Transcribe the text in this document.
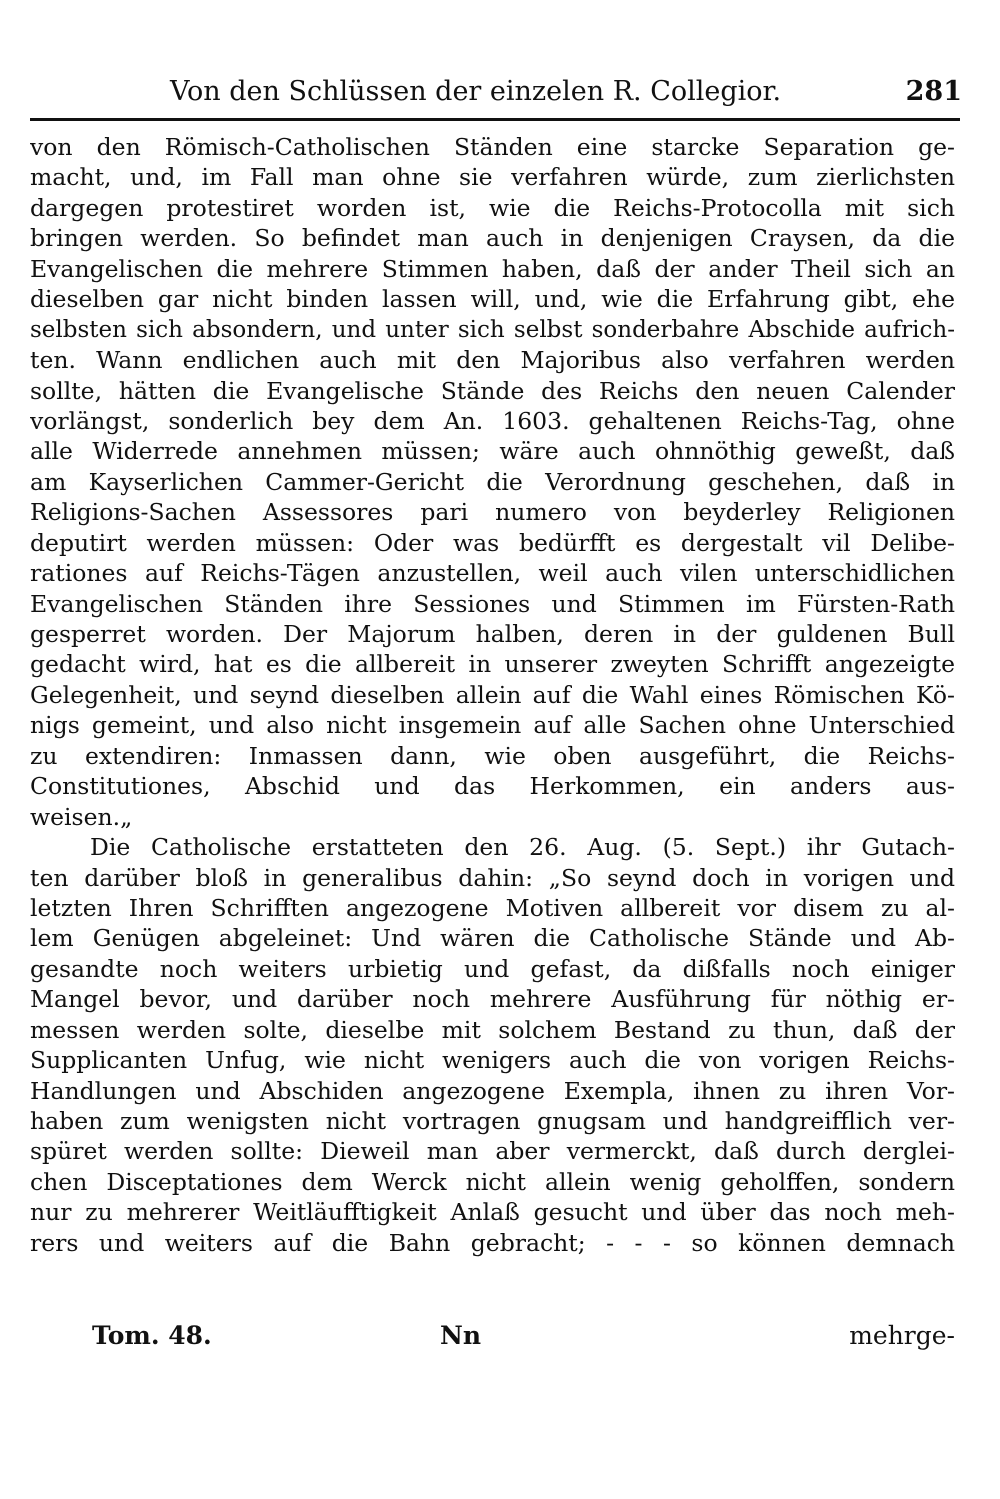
Von den Schlüssen der einzelen R. Collegior.	281
von den Römisch-Catholischen Ständen eine starcke Separation ge-
macht, und, im Fall man ohne sie verfahren würde, zum zierlichsten
dargegen protestiret worden ist, wie die Reichs-Protocolla mit sich
bringen werden. So befindet man auch in denjenigen Craysen, da die
Evangelischen die mehrere Stimmen haben, daß der ander Theil sich an
dieselben gar nicht binden lassen will, und, wie die Erfahrung gibt, ehe
selbsten sich absondern, und unter sich selbst sonderbahre Abschide aufrich-
ten. Wann endlichen auch mit den Majoribus also verfahren werden
sollte, hätten die Evangelische Stände des Reichs den neuen Calender
vorlängst, sonderlich bey dem An. 1603. gehaltenen Reichs-Tag, ohne
alle Widerrede annehmen müssen; wäre auch ohnnöthig geweßt, daß
am Kayserlichen Cammer-Gericht die Verordnung geschehen, daß in
Religions-Sachen Assessores pari numero von beyderley Religionen
deputirt werden müssen: Oder was bedürfft es dergestalt vil Delibe-
rationes auf Reichs-Tägen anzustellen, weil auch vilen unterschidlichen
Evangelischen Ständen ihre Sessiones und Stimmen im Fürsten-Rath
gesperret worden. Der Majorum halben, deren in der guldenen Bull
gedacht wird, hat es die allbereit in unserer zweyten Schrifft angezeigte
Gelegenheit, und seynd dieselben allein auf die Wahl eines Römischen Kö-
nigs gemeint, und also nicht insgemein auf alle Sachen ohne Unterschied
zu extendiren: Inmassen dann, wie oben ausgeführt, die Reichs-
Constitutiones, Abschid und das Herkommen, ein anders aus-
weisen.„
Die Catholische erstatteten den 26. Aug. (5. Sept.) ihr Gutach-
ten darüber bloß in generalibus dahin: „So seynd doch in vorigen und
letzten Ihren Schrifften angezogene Motiven allbereit vor disem zu al-
lem Genügen abgeleinet: Und wären die Catholische Stände und Ab-
gesandte noch weiters urbietig und gefast, da dißfalls noch einiger
Mangel bevor, und darüber noch mehrere Ausführung für nöthig er-
messen werden solte, dieselbe mit solchem Bestand zu thun, daß der
Supplicanten Unfug, wie nicht wenigers auch die von vorigen Reichs-
Handlungen und Abschiden angezogene Exempla, ihnen zu ihren Vor-
haben zum wenigsten nicht vortragen gnugsam und handgreifflich ver-
spüret werden sollte: Dieweil man aber vermerckt, daß durch derglei-
chen Disceptationes dem Werck nicht allein wenig geholffen, sondern
nur zu mehrerer Weitläufftigkeit Anlaß gesucht und über das noch meh-
rers und weiters auf die Bahn gebracht; - - - so können demnach
Tom. 48.	Nn	mehrge-
